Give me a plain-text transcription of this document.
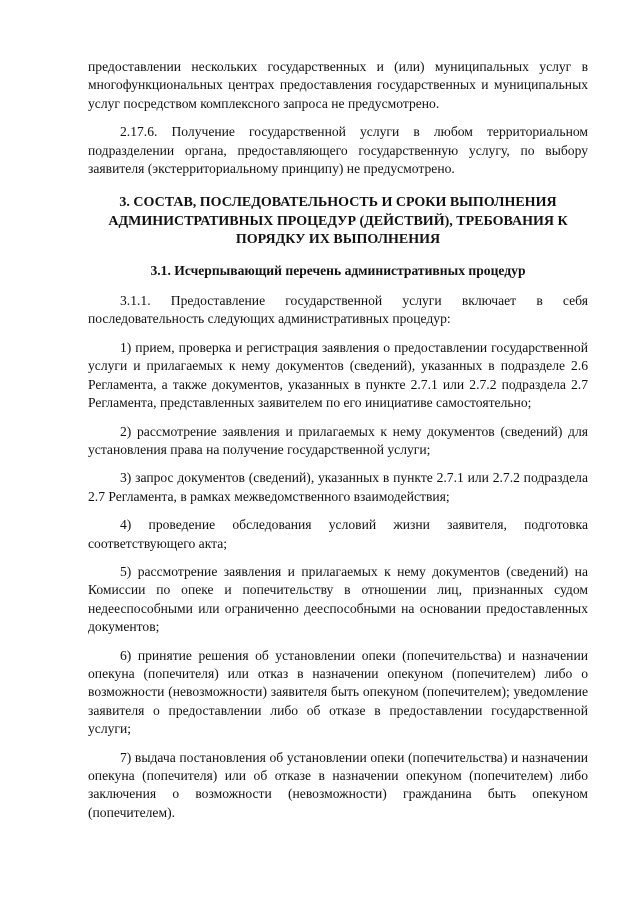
предоставлении нескольких государственных и (или) муниципальных услуг в многофункциональных центрах предоставления государственных и муниципальных услуг посредством комплексного запроса не предусмотрено.

2.17.6. Получение государственной услуги в любом территориальном подразделении органа, предоставляющего государственную услугу, по выбору заявителя (экстерриториальному принципу) не предусмотрено.

3. СОСТАВ, ПОСЛЕДОВАТЕЛЬНОСТЬ И СРОКИ ВЫПОЛНЕНИЯ АДМИНИСТРАТИВНЫХ ПРОЦЕДУР (ДЕЙСТВИЙ), ТРЕБОВАНИЯ К ПОРЯДКУ ИХ ВЫПОЛНЕНИЯ
3.1. Исчерпывающий перечень административных процедур

3.1.1. Предоставление государственной услуги включает в себя последовательность следующих административных процедур:

1) прием, проверка и регистрация заявления о предоставлении государственной услуги и прилагаемых к нему документов (сведений), указанных в подразделе 2.6 Регламента, а также документов, указанных в пункте 2.7.1 или 2.7.2 подраздела 2.7 Регламента, представленных заявителем по его инициативе самостоятельно;

2) рассмотрение заявления и прилагаемых к нему документов (сведений) для установления права на получение государственной услуги;

3) запрос документов (сведений), указанных в пункте 2.7.1 или 2.7.2 подраздела 2.7 Регламента, в рамках межведомственного взаимодействия;

4) проведение обследования условий жизни заявителя, подготовка соответствующего акта;

5) рассмотрение заявления и прилагаемых к нему документов (сведений) на Комиссии по опеке и попечительству в отношении лиц, признанных судом недееспособными или ограниченно дееспособными на основании предоставленных документов;

6) принятие решения об установлении опеки (попечительства) и назначении опекуна (попечителя) или отказ в назначении опекуном (попечителем) либо о возможности (невозможности) заявителя быть опекуном (попечителем); уведомление заявителя о предоставлении либо об отказе в предоставлении государственной услуги;

7) выдача постановления об установлении опеки (попечительства) и назначении опекуна (попечителя) или об отказе в назначении опекуном (попечителем) либо заключения о возможности (невозможности) гражданина быть опекуном (попечителем).
